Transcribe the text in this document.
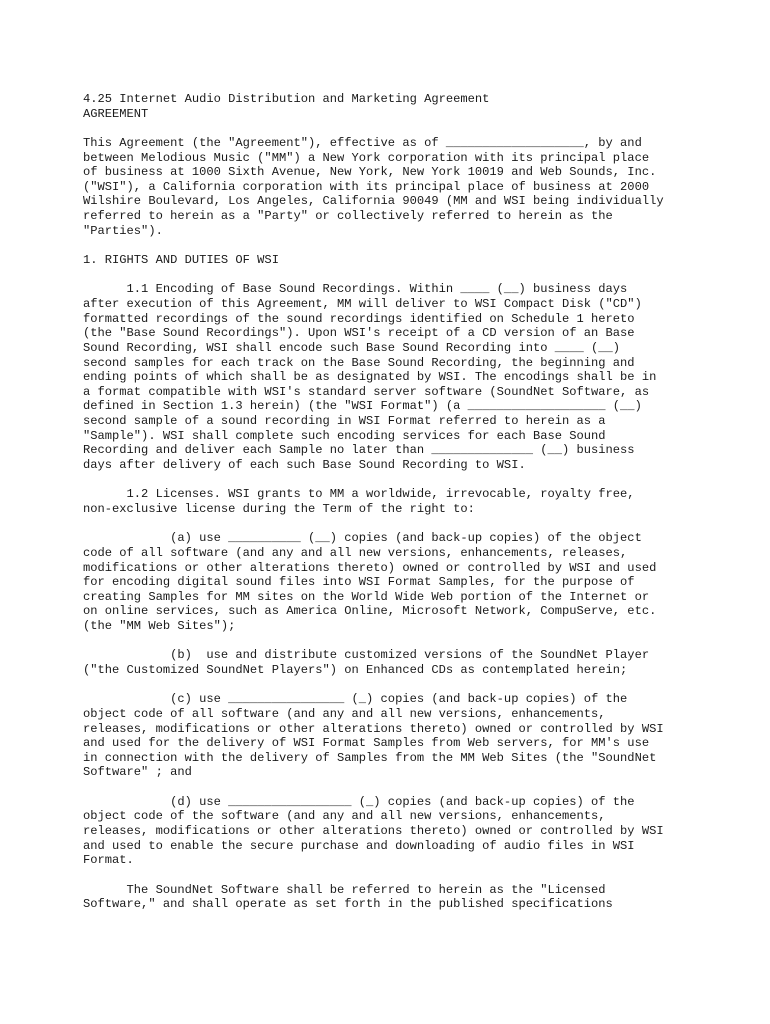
4.25 Internet Audio Distribution and Marketing Agreement
AGREEMENT
This Agreement (the "Agreement"), effective as of ___________________, by and
between Melodious Music ("MM") a New York corporation with its principal place
of business at 1000 Sixth Avenue, New York, New York 10019 and Web Sounds, Inc.
("WSI"), a California corporation with its principal place of business at 2000
Wilshire Boulevard, Los Angeles, California 90049 (MM and WSI being individually
referred to herein as a "Party" or collectively referred to herein as the
"Parties").
1. RIGHTS AND DUTIES OF WSI
1.1 Encoding of Base Sound Recordings. Within ____ (__) business days
after execution of this Agreement, MM will deliver to WSI Compact Disk ("CD")
formatted recordings of the sound recordings identified on Schedule 1 hereto
(the "Base Sound Recordings"). Upon WSI's receipt of a CD version of an Base
Sound Recording, WSI shall encode such Base Sound Recording into ____ (__)
second samples for each track on the Base Sound Recording, the beginning and
ending points of which shall be as designated by WSI. The encodings shall be in
a format compatible with WSI's standard server software (SoundNet Software, as
defined in Section 1.3 herein) (the "WSI Format") (a ___________________ (__)
second sample of a sound recording in WSI Format referred to herein as a
"Sample"). WSI shall complete such encoding services for each Base Sound
Recording and deliver each Sample no later than ______________ (__) business
days after delivery of each such Base Sound Recording to WSI.
1.2 Licenses. WSI grants to MM a worldwide, irrevocable, royalty free,
non-exclusive license during the Term of the right to:
(a) use __________ (__) copies (and back-up copies) of the object
code of all software (and any and all new versions, enhancements, releases,
modifications or other alterations thereto) owned or controlled by WSI and used
for encoding digital sound files into WSI Format Samples, for the purpose of
creating Samples for MM sites on the World Wide Web portion of the Internet or
on online services, such as America Online, Microsoft Network, CompuServe, etc.
(the "MM Web Sites");
(b)  use and distribute customized versions of the SoundNet Player
("the Customized SoundNet Players") on Enhanced CDs as contemplated herein;
(c) use ________________ (_) copies (and back-up copies) of the
object code of all software (and any and all new versions, enhancements,
releases, modifications or other alterations thereto) owned or controlled by WSI
and used for the delivery of WSI Format Samples from Web servers, for MM's use
in connection with the delivery of Samples from the MM Web Sites (the "SoundNet
Software" ; and
(d) use _________________ (_) copies (and back-up copies) of the
object code of the software (and any and all new versions, enhancements,
releases, modifications or other alterations thereto) owned or controlled by WSI
and used to enable the secure purchase and downloading of audio files in WSI
Format.
The SoundNet Software shall be referred to herein as the "Licensed
Software," and shall operate as set forth in the published specifications
